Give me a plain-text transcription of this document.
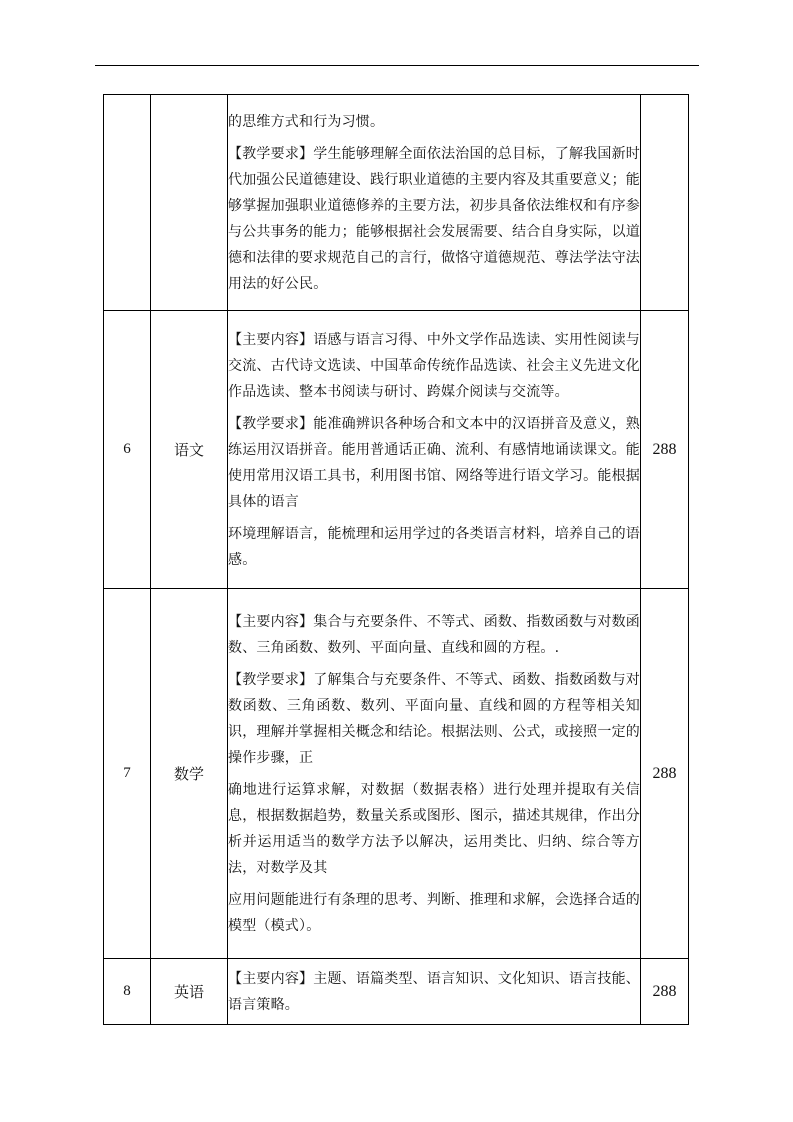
		的思维方式和行为习惯。

【教学要求】学生能够理解全面依法治国的总目标，了解我国新时代加强公民道德建设、践行职业道德的主要内容及其重要意义；能够掌握加强职业道德修养的主要方法，初步具备依法维权和有序参与公共事务的能力；能够根据社会发展需要、结合自身实际，以道德和法律的要求规范自己的言行，做恪守道德规范、尊法学法守法用法的好公民。	

6	语文	【主要内容】语感与语言习得、中外文学作品选读、实用性阅读与交流、古代诗文选读、中国革命传统作品选读、社会主义先进文化作品选读、整本书阅读与研讨、跨媒介阅读与交流等。

【教学要求】能准确辨识各种场合和文本中的汉语拼音及意义，熟练运用汉语拼音。能用普通话正确、流利、有感情地诵读课文。能使用常用汉语工具书，利用图书馆、网络等进行语文学习。能根据具体的语言

环境理解语言，能梳理和运用学过的各类语言材料，培养自己的语感。	288
7	数学	【主要内容】集合与充要条件、不等式、函数、指数函数与对数函数、三角函数、数列、平面向量、直线和圆的方程。.

【教学要求】了解集合与充要条件、不等式、函数、指数函数与对数函数、三角函数、数列、平面向量、直线和圆的方程等相关知识，理解并掌握相关概念和结论。根据法则、公式，或接照一定的操作步骤，正

确地进行运算求解，对数据（数据表格）进行处理并提取有关信息，根据数据趋势，数量关系或图形、图示，描述其规律，作出分析并运用适当的数学方法予以解决，运用类比、归纳、综合等方法，对数学及其

应用问题能进行有条理的思考、判断、推理和求解，会选择合适的模型（模式）。	288
8	英语	【主要内容】主题、语篇类型、语言知识、文化知识、语言技能、语言策略。	288
